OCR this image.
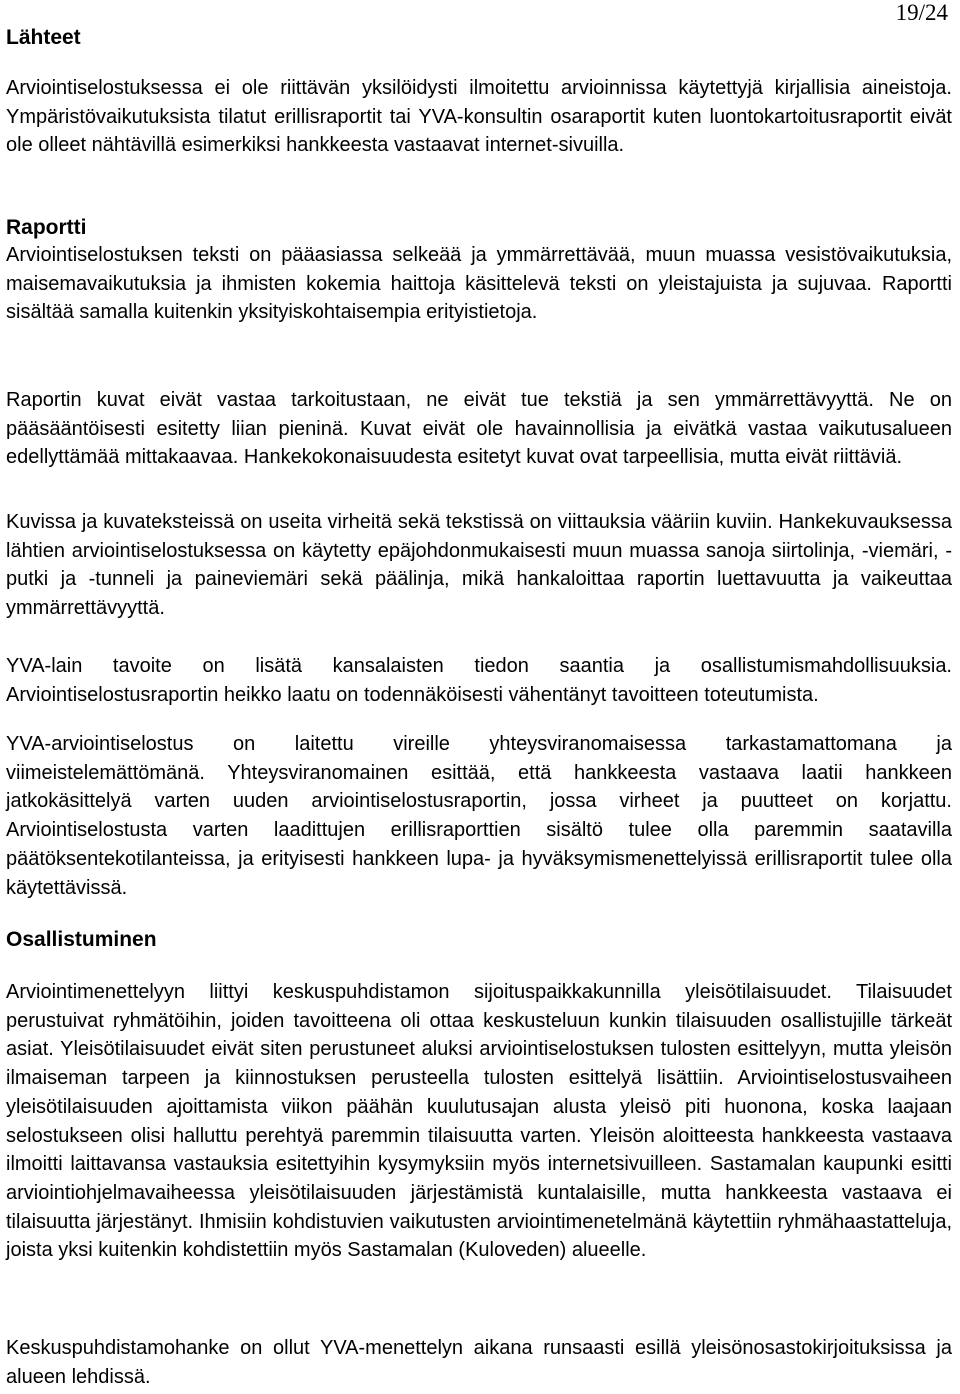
19/24
Lähteet

Arviointiselostuksessa ei ole riittävän yksilöidysti ilmoitettu arvioinnissa käytettyjä kirjallisia aineistoja. Ympäristövaikutuksista tilatut erillisraportit tai YVA-konsultin osaraportit kuten luontokartoitusraportit eivät ole olleet nähtävillä esimerkiksi hankkeesta vastaavat internet-sivuilla.

Raportti

Arviointiselostuksen teksti on pääasiassa selkeää ja ymmärrettävää, muun muassa vesistövaikutuksia, maisemavaikutuksia ja ihmisten kokemia haittoja käsittelevä teksti on yleistajuista ja sujuvaa. Raportti sisältää samalla kuitenkin yksityiskohtaisempia erityistietoja.

Raportin kuvat eivät vastaa tarkoitustaan, ne eivät tue tekstiä ja sen ymmärrettävyyttä. Ne on pääsääntöisesti esitetty liian pieninä. Kuvat eivät ole havainnollisia ja eivätkä vastaa vaikutusalueen edellyttämää mittakaavaa. Hankekokonaisuudesta esitetyt kuvat ovat tarpeellisia, mutta eivät riittäviä.

Kuvissa ja kuvateksteissä on useita virheitä sekä tekstissä on viittauksia vääriin kuviin. Hankekuvauksessa lähtien arviointiselostuksessa on käytetty epäjohdonmukaisesti muun muassa sanoja siirtolinja, -viemäri, -putki ja -tunneli ja paineviemäri sekä päälinja, mikä hankaloittaa raportin luettavuutta ja vaikeuttaa ymmärrettävyyttä.

YVA-lain tavoite on lisätä kansalaisten tiedon saantia ja osallistumismahdollisuuksia. Arviointiselostusraportin heikko laatu on todennäköisesti vähentänyt tavoitteen toteutumista.

YVA-arviointiselostus on laitettu vireille yhteysviranomaisessa tarkastamattomana ja viimeistelemättömänä. Yhteysviranomainen esittää, että hankkeesta vastaava laatii hankkeen jatkokäsittelyä varten uuden arviointiselostusraportin, jossa virheet ja puutteet on korjattu. Arviointiselostusta varten laadittujen erillisraporttien sisältö tulee olla paremmin saatavilla päätöksentekotilanteissa, ja erityisesti hankkeen lupa- ja hyväksymismenettelyissä erillisraportit tulee olla käytettävissä.

Osallistuminen

Arviointimenettelyyn liittyi keskuspuhdistamon sijoituspaikkakunnilla yleisötilaisuudet. Tilaisuudet perustuivat ryhmätöihin, joiden tavoitteena oli ottaa keskusteluun kunkin tilaisuuden osallistujille tärkeät asiat. Yleisötilaisuudet eivät siten perustuneet aluksi arviointiselostuksen tulosten esittelyyn, mutta yleisön ilmaiseman tarpeen ja kiinnostuksen perusteella tulosten esittelyä lisättiin. Arviointiselostusvaiheen yleisötilaisuuden ajoittamista viikon päähän kuulutusajan alusta yleisö piti huonona, koska laajaan selostukseen olisi halluttu perehtyä paremmin tilaisuutta varten. Yleisön aloitteesta hankkeesta vastaava ilmoitti laittavansa vastauksia esitettyihin kysymyksiin myös internetsivuilleen. Sastamalan kaupunki esitti arviointiohjelmavaiheessa yleisötilaisuuden järjestämistä kuntalaisille, mutta hankkeesta vastaava ei tilaisuutta järjestänyt. Ihmisiin kohdistuvien vaikutusten arviointimenetelmänä käytettiin ryhmähaastatteluja, joista yksi kuitenkin kohdistettiin myös Sastamalan (Kuloveden) alueelle.

Keskuspuhdistamohanke on ollut YVA-menettelyn aikana runsaasti esillä yleisönosastokirjoituksissa ja alueen lehdissä.
